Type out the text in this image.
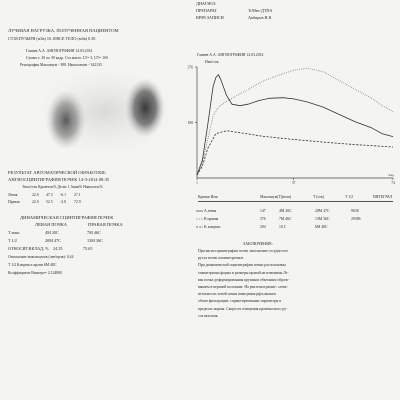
ДИАГНОЗ
ПРЕПАРАТ	Tc99m-ДТПА
ВРАЧ ЗАПИСИ	Акбиров Н.К
ЛУЧЕВАЯ НАГРУЗКА, ПОЛУЧЕННАЯ ПАЦИЕНТОМ
СТ.М.ПУЗЫРЯ (мЗв) 16.10ВСЕ ТЕЛО (мЗв) 0.30
Ганиев А.А. АНГИОГРАФИЯ 14.03.2014
Сумма с: 29 по 39 кадр. Стл.конто: LT= 3, UT= 100
Ренография Максимум - 388. Накопление - 342135
РЕЗУЛЬТАТ АВТОМАТИЧЕСКОЙ ОБРАБОТКИ:
АНГИОСЦИНТИГРАФИЯ ПОЧЕК 14-3-2014 08:35
Tmax/сек Кроветок% Дельт 1.5мин% Накоплен.%
Левая	22.0 47.3 -6.1 27.1
Правая	22.0 52.5 -2.8 72.9
ДИНАМИЧЕСКАЯ СЦИНТИГРАФИЯ ПОЧЕК
ЛЕВАЯ ПОЧКА	ПРАВАЯ ПОЧКА
T макс	4М 20С	7М 46С
T 1/2	20М 47С	13М 36С
ОТНОСИТ.ВКЛАД, % 24.35	75.65
Отношение максимумов (лев/прав): 0.44
T 1/2 Клиренса крови 6М 48С
Коэффициент Винтера= 2.124800
Ганиев А.А. АНГИОГРАФИЯ 14.03.2014
Имп/сек.
376
188
1	37	74
Кад
Кривая Имя	Максимум(Т)(имп)	T (сек)	T 1/2	ИНТЕГРАЛ
A левая	147	4М 20С	20М 47С	9638
B правая	376	7М 46С	13М 36С	29386
K клиренс	294	10 С	6М 48С
ЗАКЛЮЧЕНИЕ:
При ангиосцинтиграфии почек заполнение сосудистого
русла почек асимметричное.
При динамической сцинтиграфии почки расположены
симметрично,форма и размеры правой не изменены.Ле-
вая почка деформированная крупным объемным образо-
ванием в верхней половине. На рентгенограмме: слева-
ительности левой почки выведения рфп,снижен
объем фильтрации: справа-временные параметры в
пределах нормы. Скорость очищения кровеносного ру-
сла высокая.
